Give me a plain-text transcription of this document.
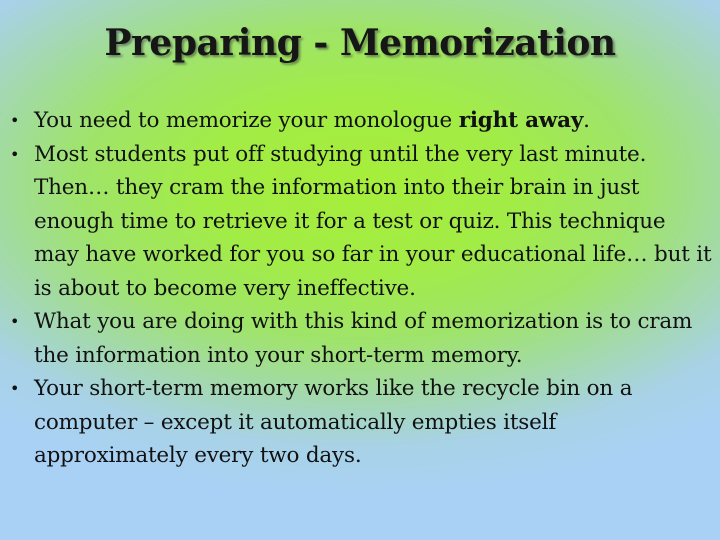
Preparing - Memorization
• You need to memorize your monologue right away.
• Most students put off studying until the very last minute. Then… they cram the information into their brain in just enough time to retrieve it for a test or quiz. This technique may have worked for you so far in your educational life… but it is about to become very ineffective.
• What you are doing with this kind of memorization is to cram the information into your short-term memory.
• Your short-term memory works like the recycle bin on a computer – except it automatically empties itself approximately every two days.
